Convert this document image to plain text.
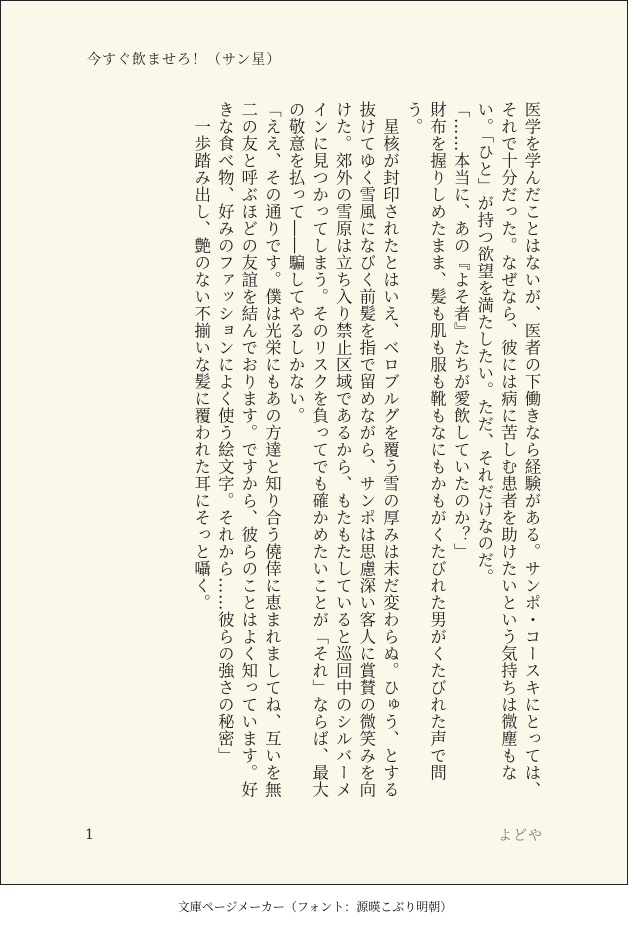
今すぐ飲ませろ！（サン星）

医学を学んだことはないが、医者の下働きなら経験がある。サンポ・コースキにとっては、それで十分だった。なぜなら、彼には病に苦しむ患者を助けたいという気持ちは微塵もない。「ひと」が持つ欲望を満たしたい。ただ、それだけなのだ。

「……本当に、あの『よそ者』たちが愛飲していたのか？」

財布を握りしめたまま、髪も肌も服も靴もなにもかもがくたびれた男がくたびれた声で問う。

　星核が封印されたとはいえ、ベロブルグを覆う雪の厚みは未だ変わらぬ。ひゅう、とする抜けてゆく雪風になびく前髪を指で留めながら、サンポは思慮深い客人に賞賛の微笑みを向けた。郊外の雪原は立ち入り禁止区域であるから、もたもたしていると巡回中のシルバーメインに見つかってしまう。そのリスクを負ってでも確かめたいことが「それ」ならば、最大の敬意を払って――騙してやるしかない。

「ええ、その通りです。僕は光栄にもあの方達と知り合う僥倖に恵まれましてね、互いを無二の友と呼ぶほどの友誼を結んでおります。ですから、彼らのことはよく知っています。好きな食べ物、好みのファッションによく使う絵文字。それから……彼らの強さの秘密」

　一歩踏み出し、艶のない不揃いな髪に覆われた耳にそっと囁く。

1	よどや
文庫ページメーカー（フォント：源暎こぶり明朝）
